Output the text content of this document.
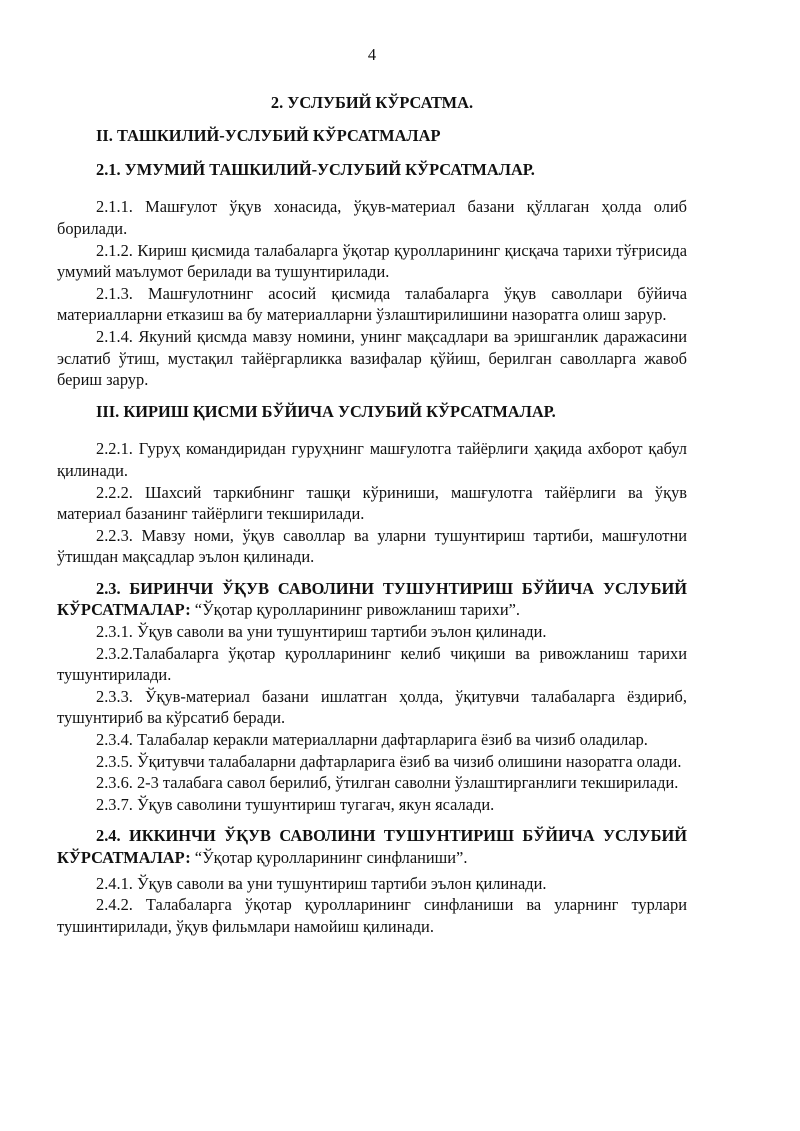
4
2. УСЛУБИЙ КЎРСАТМА.
II. ТАШКИЛИЙ-УСЛУБИЙ КЎРСАТМАЛАР
2.1. УМУМИЙ ТАШКИЛИЙ-УСЛУБИЙ КЎРСАТМАЛАР.

2.1.1. Машғулот ўқув хонасида, ўқув-материал базани қўллаган ҳолда олиб борилади.

2.1.2. Кириш қисмида талабаларга ўқотар қуролларининг қисқача тарихи тўғрисида умумий маълумот берилади ва тушунтирилади.

2.1.3. Машғулотнинг асосий қисмида талабаларга ўқув саволлари бўйича материалларни етказиш ва бу материалларни ўзлаштирилишини назоратга олиш зарур.

2.1.4. Якуний қисмда мавзу номини, унинг мақсадлари ва эришганлик даражасини эслатиб ўтиш, мустақил тайёргарликка вазифалар қўйиш, берилган саволларга жавоб бериш зарур.

III. КИРИШ ҚИСМИ БЎЙИЧА УСЛУБИЙ КЎРСАТМАЛАР.

2.2.1. Гуруҳ командиридан гуруҳнинг машғулотга тайёрлиги ҳақида ахборот қабул қилинади.

2.2.2. Шахсий таркибнинг ташқи кўриниши, машғулотга тайёрлиги ва ўқув материал базанинг тайёрлиги текширилади.

2.2.3. Мавзу номи, ўқув саволлар ва уларни тушунтириш тартиби, машғулотни ўтишдан мақсадлар эълон қилинади.

2.3. БИРИНЧИ ЎҚУВ САВОЛИНИ ТУШУНТИРИШ БЎЙИЧА УСЛУБИЙ КЎРСАТМАЛАР: “Ўқотар қуролларининг ривожланиш тарихи”.

2.3.1. Ўқув саволи ва уни тушунтириш тартиби эълон қилинади.

2.3.2.Талабаларга ўқотар қуролларининг келиб чиқиши ва ривожланиш тарихи тушунтирилади.

2.3.3. Ўқув-материал базани ишлатган ҳолда, ўқитувчи талабаларга ёздириб, тушунтириб ва кўрсатиб беради.

2.3.4. Талабалар керакли материалларни дафтарларига ёзиб ва чизиб оладилар.

2.3.5. Ўқитувчи талабаларни дафтарларига ёзиб ва чизиб олишини назоратга олади.

2.3.6. 2-3 талабага савол берилиб, ўтилган саволни ўзлаштирганлиги текширилади.

2.3.7. Ўқув саволини тушунтириш тугагач, якун ясалади.

2.4. ИККИНЧИ ЎҚУВ САВОЛИНИ ТУШУНТИРИШ БЎЙИЧА УСЛУБИЙ КЎРСАТМАЛАР: “Ўқотар қуролларининг синфланиши”.

2.4.1. Ўқув саволи ва уни тушунтириш тартиби эълон қилинади.

2.4.2. Талабаларга ўқотар қуролларининг синфланиши ва уларнинг турлари тушинтирилади, ўқув фильмлари намойиш қилинади.
